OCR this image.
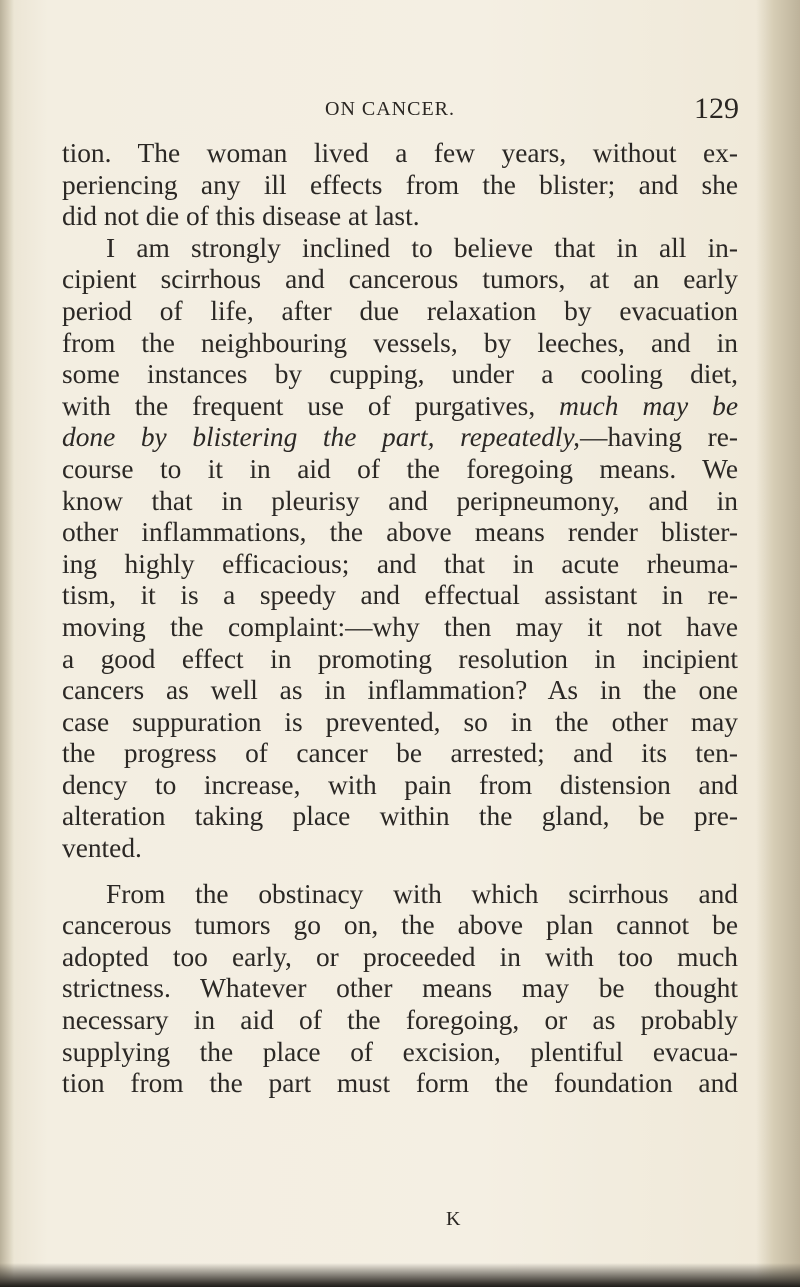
ON CANCER.	129

tion. The woman lived a few years, without ex-
periencing any ill effects from the blister; and she
did not die of this disease at last.

I am strongly inclined to believe that in all in-
cipient scirrhous and cancerous tumors, at an early
period of life, after due relaxation by evacuation
from the neighbouring vessels, by leeches, and in
some instances by cupping, under a cooling diet,
with the frequent use of purgatives, much may be
done by blistering the part, repeatedly,—having re-
course to it in aid of the foregoing means. We
know that in pleurisy and peripneumony, and in
other inflammations, the above means render blister-
ing highly efficacious; and that in acute rheuma-
tism, it is a speedy and effectual assistant in re-
moving the complaint:—why then may it not have
a good effect in promoting resolution in incipient
cancers as well as in inflammation? As in the one
case suppuration is prevented, so in the other may
the progress of cancer be arrested; and its ten-
dency to increase, with pain from distension and
alteration taking place within the gland, be pre-
vented.

From the obstinacy with which scirrhous and
cancerous tumors go on, the above plan cannot be
adopted too early, or proceeded in with too much
strictness. Whatever other means may be thought
necessary in aid of the foregoing, or as probably
supplying the place of excision, plentiful evacua-
tion from the part must form the foundation and

K
